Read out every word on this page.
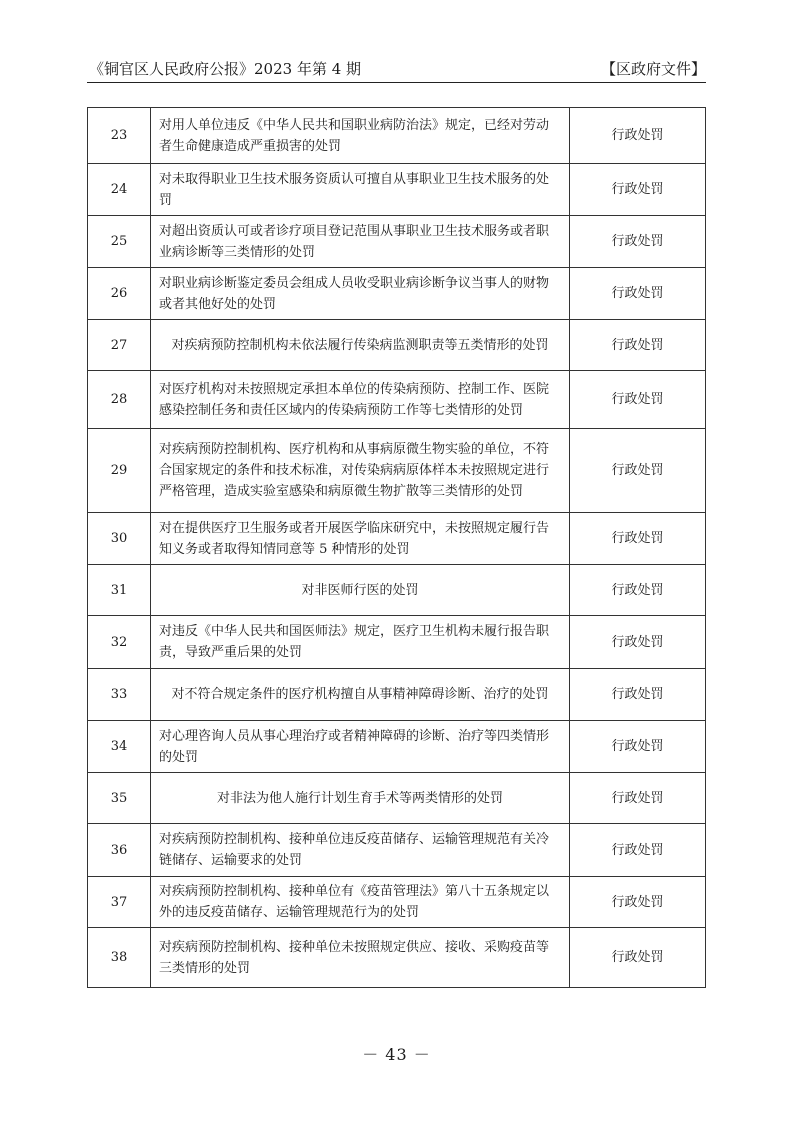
《铜官区人民政府公报》2023 年第 4 期	【区政府文件】
23	对用人单位违反《中华人民共和国职业病防治法》规定，已经对劳动者生命健康造成严重损害的处罚	行政处罚
24	对未取得职业卫生技术服务资质认可擅自从事职业卫生技术服务的处罚	行政处罚
25	对超出资质认可或者诊疗项目登记范围从事职业卫生技术服务或者职业病诊断等三类情形的处罚	行政处罚
26	对职业病诊断鉴定委员会组成人员收受职业病诊断争议当事人的财物或者其他好处的处罚	行政处罚
27	对疾病预防控制机构未依法履行传染病监测职责等五类情形的处罚	行政处罚
28	对医疗机构对未按照规定承担本单位的传染病预防、控制工作、医院感染控制任务和责任区域内的传染病预防工作等七类情形的处罚	行政处罚
29	对疾病预防控制机构、医疗机构和从事病原微生物实验的单位，不符合国家规定的条件和技术标准，对传染病病原体样本未按照规定进行严格管理，造成实验室感染和病原微生物扩散等三类情形的处罚	行政处罚
30	对在提供医疗卫生服务或者开展医学临床研究中，未按照规定履行告知义务或者取得知情同意等 5 种情形的处罚	行政处罚
31	对非医师行医的处罚	行政处罚
32	对违反《中华人民共和国医师法》规定，医疗卫生机构未履行报告职责，导致严重后果的处罚	行政处罚
33	对不符合规定条件的医疗机构擅自从事精神障碍诊断、治疗的处罚	行政处罚
34	对心理咨询人员从事心理治疗或者精神障碍的诊断、治疗等四类情形的处罚	行政处罚
35	对非法为他人施行计划生育手术等两类情形的处罚	行政处罚
36	对疾病预防控制机构、接种单位违反疫苗储存、运输管理规范有关冷链储存、运输要求的处罚	行政处罚
37	对疾病预防控制机构、接种单位有《疫苗管理法》第八十五条规定以外的违反疫苗储存、运输管理规范行为的处罚	行政处罚
38	对疾病预防控制机构、接种单位未按照规定供应、接收、采购疫苗等三类情形的处罚	行政处罚
－ 43 －
